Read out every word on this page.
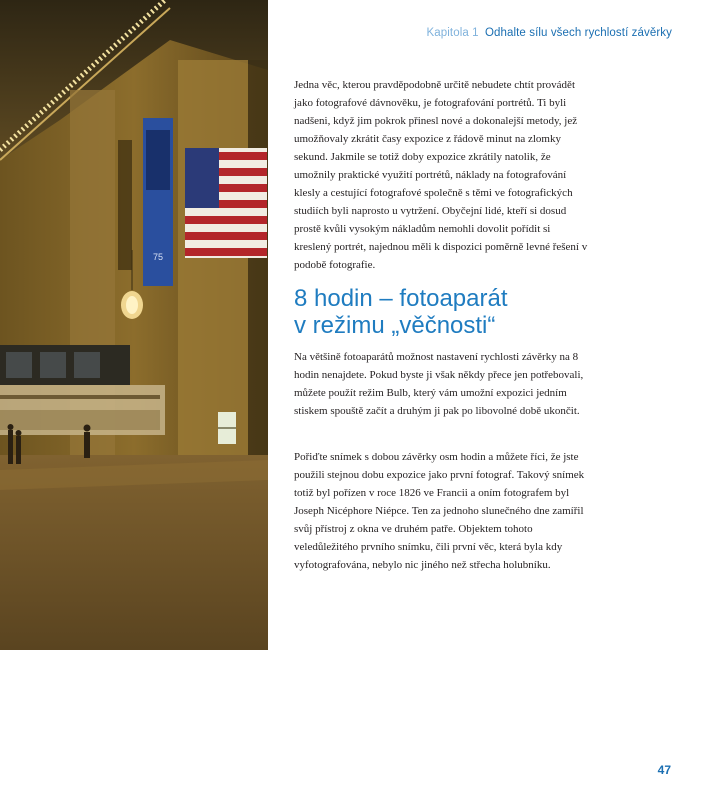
75
Kapitola 1 Odhalte sílu všech rychlostí závěrky

Jedna věc, kterou pravděpodobně určitě nebudete chtít provádět jako fotografové dávnověku, je fotografování portrétů. Ti byli nadšeni, když jim pokrok přinesl nové a dokonalejší metody, jež umožňovaly zkrátit časy expozice z řádově minut na zlomky sekund. Jakmile se totiž doby expozice zkrátily natolik, že umožnily praktické využití portrétů, náklady na fotografování klesly a cestující fotografové společně s těmi ve fotografických studiích byli naprosto u vytržení. Obyčejní lidé, kteří si dosud prostě kvůli vysokým nákladům nemohli dovolit pořídit si kreslený portrét, najednou měli k dispozici poměrně levné řešení v podobě fotografie.

8 hodin – fotoaparát
v režimu „věčnosti“

Na většině fotoaparátů možnost nastavení rychlosti závěrky na 8 hodin nenajdete. Pokud byste ji však někdy přece jen potřebovali, můžete použít režim Bulb, který vám umožní expozici jedním stiskem spouště začít a druhým ji pak po libovolné době ukončit.

Pořiďte snímek s dobou závěrky osm hodin a můžete říci, že jste použili stejnou dobu expozice jako první fotograf. Takový snímek totiž byl pořízen v roce 1826 ve Francii a oním fotografem byl Joseph Nicéphore Niépce. Ten za jednoho slunečného dne zamířil svůj přístroj z okna ve druhém patře. Objektem tohoto veledůležitého prvního snímku, čili první věc, která byla kdy vyfotografována, nebylo nic jiného než střecha holubníku.

47
